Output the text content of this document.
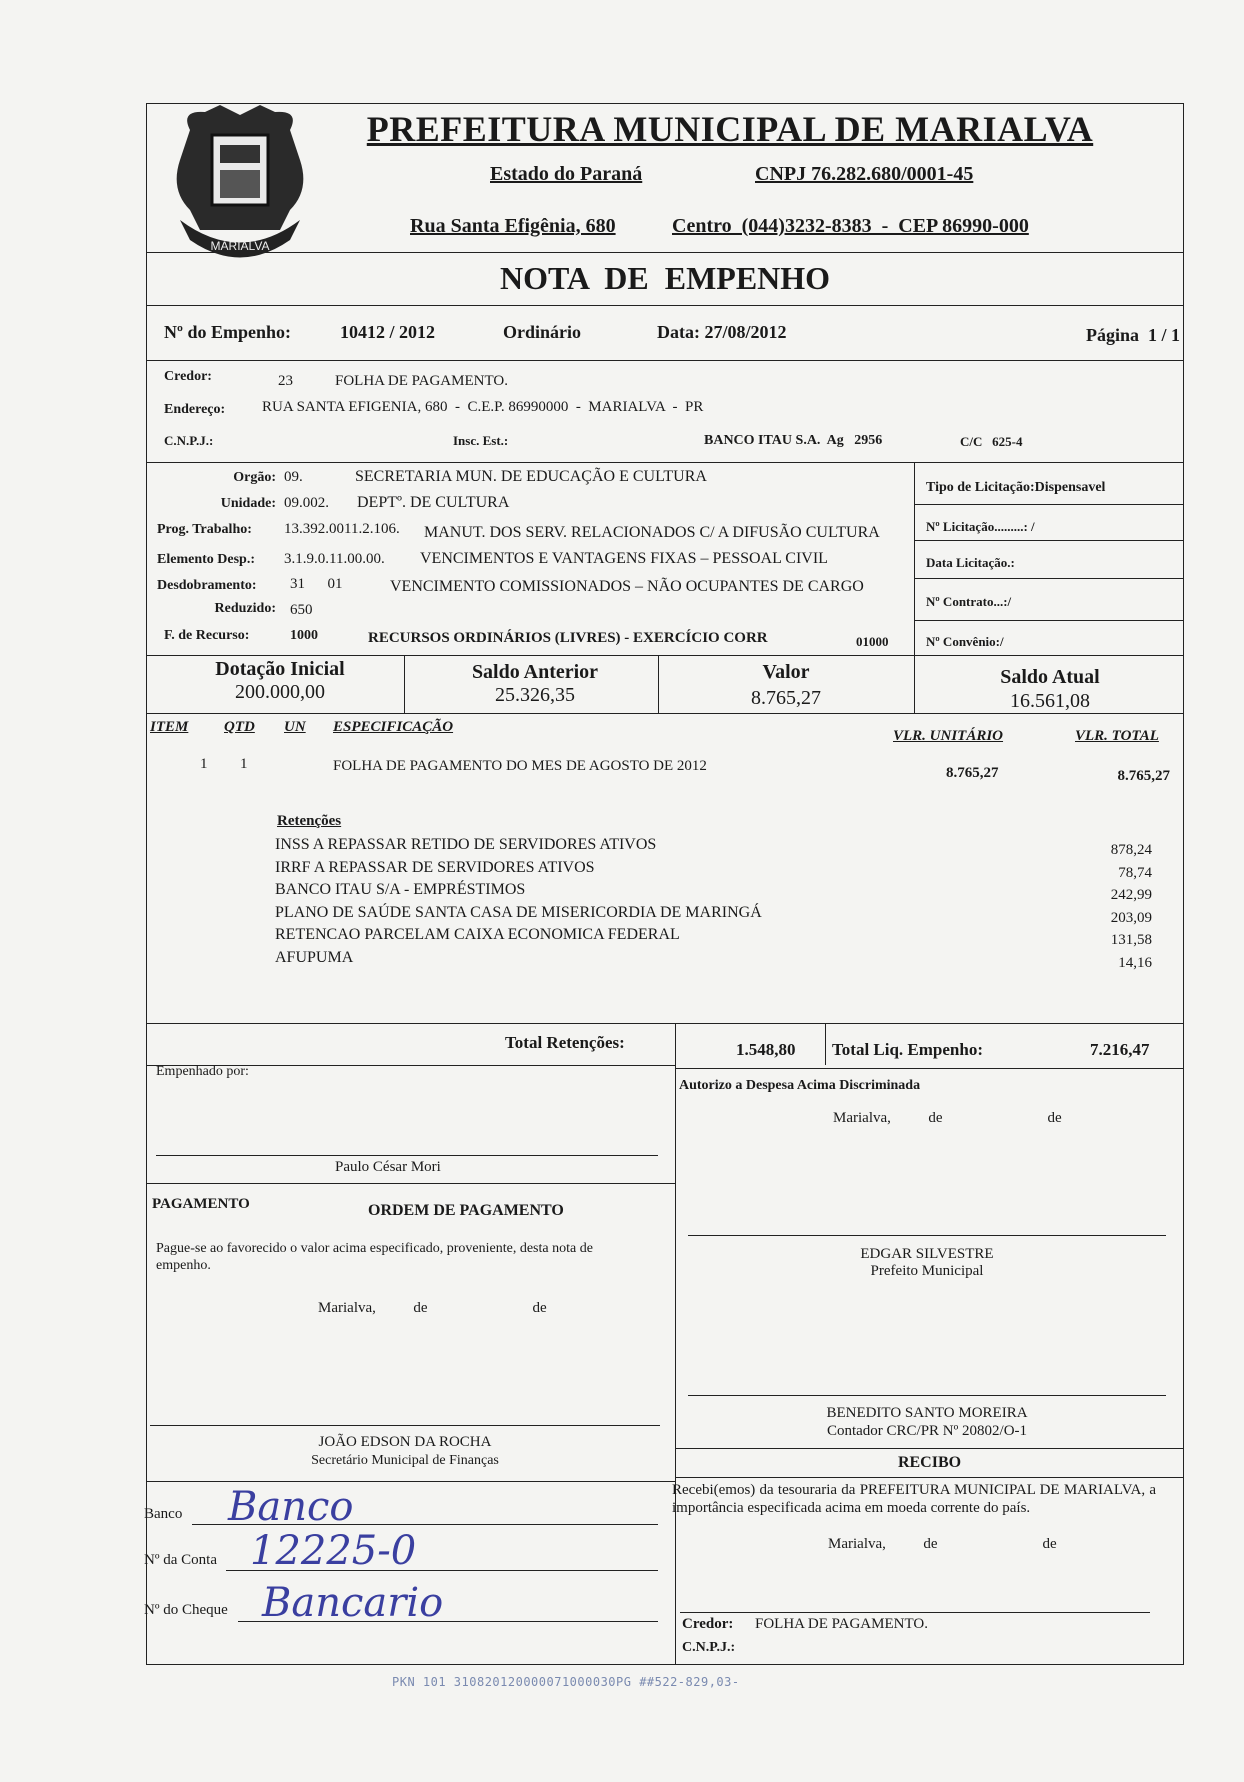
MARIALVA
PREFEITURA MUNICIPAL DE MARIALVA
Estado do Paraná	CNPJ 76.282.680/0001-45
Rua Santa Efigênia, 680	Centro  (044)3232-8383  -  CEP 86990-000
NOTA  DE  EMPENHO
Nº do Empenho:	10412 / 2012	Ordinário	Data: 27/08/2012	Página  1 / 1
Credor:	23	FOLHA DE PAGAMENTO.
Endereço: RUA SANTA EFIGENIA, 680  -  C.E.P. 86990000  -  MARIALVA  -  PR
C.N.P.J.:	Insc. Est.:	BANCO ITAU S.A.  Ag   2956	C/C   625-4
Orgão: 09.	SECRETARIA MUN. DE EDUCAÇÃO E CULTURA
Unidade: 09.002. DEPTº. DE CULTURA
Prog. Trabalho: 13.392.0011.2.106. MANUT. DOS SERV. RELACIONADOS C/ A DIFUSÃO CULTURA
Elemento Desp.: 3.1.9.0.11.00.00. VENCIMENTOS E VANTAGENS FIXAS – PESSOAL CIVIL
Desdobramento: 31      01	VENCIMENTO COMISSIONADOS – NÃO OCUPANTES DE CARGO
Reduzido: 650
F. de Recurso:	1000	RECURSOS ORDINÁRIOS (LIVRES) - EXERCÍCIO CORR	01000
Tipo de Licitação:Dispensavel
Nº Licitação.........: /
Data Licitação.:
Nº Contrato...:/
Nº Convênio:/
Dotação Inicial
200.000,00
Saldo Anterior
25.326,35
Valor
8.765,27
Saldo Atual
16.561,08
ITEM QTD UN ESPECIFICAÇÃO
VLR. UNITÁRIO	VLR. TOTAL
1 1	FOLHA DE PAGAMENTO DO MES DE AGOSTO DE 2012	8.765,27	8.765,27
Retenções
INSS A REPASSAR RETIDO DE SERVIDORES ATIVOS	878,24
IRRF A REPASSAR DE SERVIDORES ATIVOS	78,74
BANCO ITAU S/A - EMPRÉSTIMOS	242,99
PLANO DE SAÚDE SANTA CASA DE MISERICORDIA DE MARINGÁ	203,09
RETENCAO PARCELAM CAIXA ECONOMICA FEDERAL	131,58
AFUPUMA	14,16
Total Retenções:	1.548,80 Total Liq. Empenho:	7.216,47
Empenhado por:
Paulo César Mori
Autorizo a Despesa Acima Discriminada
Marialva,          de                            de
PAGAMENTO	ORDEM DE PAGAMENTO
Pague-se ao favorecido o valor acima especificado, proveniente, desta nota de empenho.
Marialva,          de                            de
EDGAR SILVESTRE
Prefeito Municipal
BENEDITO SANTO MOREIRA
Contador CRC/PR Nº 20802/O-1
JOÃO EDSON DA ROCHA
Secretário Municipal de Finanças	RECIBO
Recebi(emos) da tesouraria da PREFEITURA MUNICIPAL DE MARIALVA, a importância especificada acima em moeda corrente do país.
Marialva,          de                            de
Banco Banco
Nº da Conta 12225-0
Nº do Cheque Bancario	Credor: FOLHA DE PAGAMENTO.
C.N.P.J.:
PKN 101 310820120000071000030PG ##522-829,03-
